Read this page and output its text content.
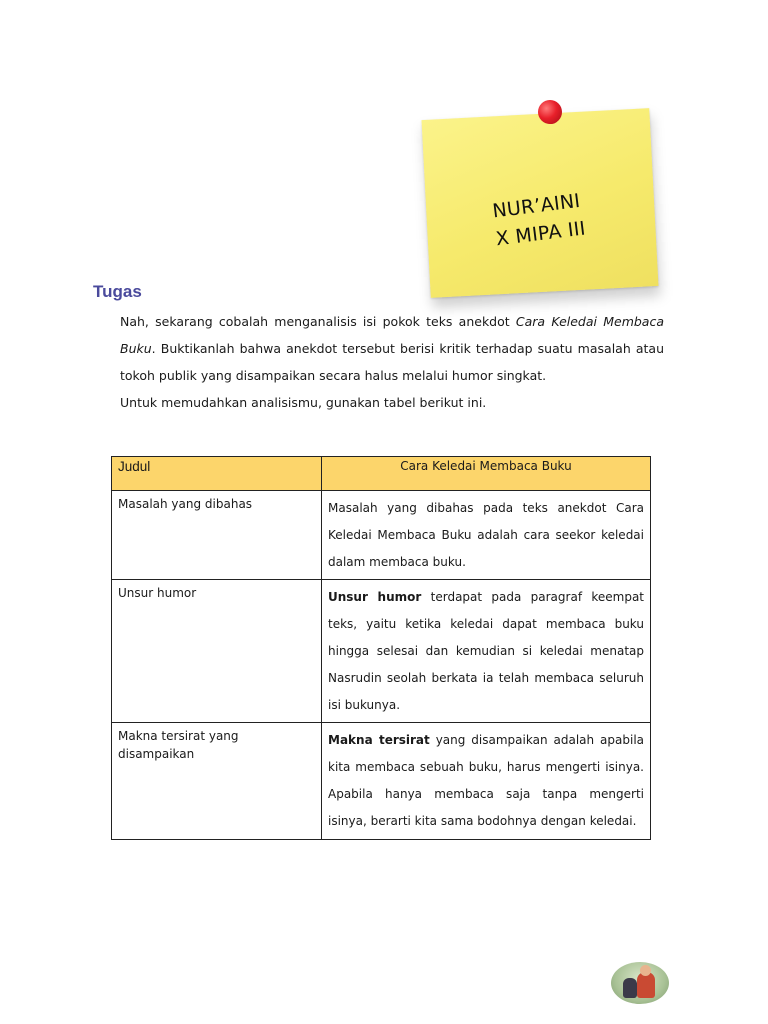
NUR’AINI
X MIPA III
Tugas

Nah, sekarang cobalah menganalisis isi pokok teks anekdot Cara Keledai Membaca Buku. Buktikanlah bahwa anekdot tersebut berisi kritik terhadap suatu masalah atau tokoh publik yang disampaikan secara halus melalui humor singkat.

Untuk memudahkan analisismu, gunakan tabel berikut ini.

Judul	Cara Keledai Membaca Buku
Masalah yang dibahas	Masalah yang dibahas pada teks anekdot Cara Keledai Membaca Buku adalah cara seekor keledai dalam membaca buku.
Unsur humor	Unsur humor terdapat pada paragraf keempat teks, yaitu ketika keledai dapat membaca buku hingga selesai dan kemudian si keledai menatap Nasrudin seolah berkata ia telah membaca seluruh isi bukunya.
Makna tersirat yang disampaikan	Makna tersirat yang disampaikan adalah apabila kita membaca sebuah buku, harus mengerti isinya. Apabila hanya membaca saja tanpa mengerti isinya, berarti kita sama bodohnya dengan keledai.
